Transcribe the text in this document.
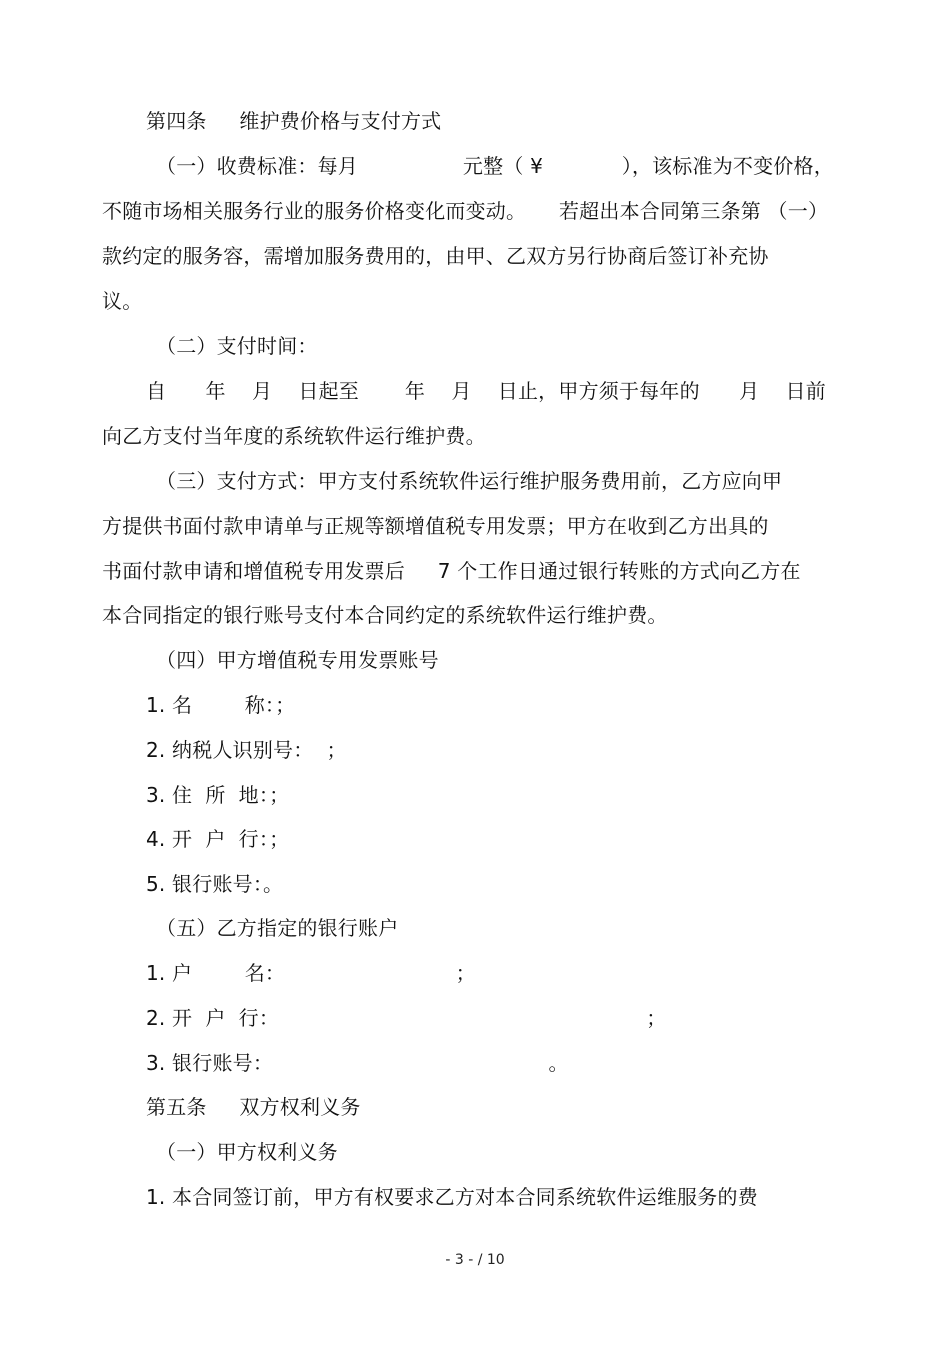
第四条     维护费价格与支付方式
（一）收费标准：每月                元整（ ¥            ），该标准为不变价格，
不随市场相关服务行业的服务价格变化而变动。     若超出本合同第三条第 （一）
款约定的服务容，需增加服务费用的，由甲、乙双方另行协商后签订补充协
议。
（二）支付时间：
自      年    月    日起至       年    月    日止，甲方须于每年的      月    日前
向乙方支付当年度的系统软件运行维护费。
（三）支付方式：甲方支付系统软件运行维护服务费用前，乙方应向甲
方提供书面付款申请单与正规等额增值税专用发票；甲方在收到乙方出具的
书面付款申请和增值税专用发票后     7 个工作日通过银行转账的方式向乙方在
本合同指定的银行账号支付本合同约定的系统软件运行维护费。
（四）甲方增值税专用发票账号
1. 名        称：；
2. 纳税人识别号：  ；
3. 住  所  地：；
4. 开  户  行：；
5. 银行账号：。
（五）乙方指定的银行账户
1. 户        名：                          ；
2. 开  户  行：                                                        ；
3. 银行账号：                                          。
第五条     双方权利义务
（一）甲方权利义务
1. 本合同签订前，甲方有权要求乙方对本合同系统软件运维服务的费
- 3 - / 10
